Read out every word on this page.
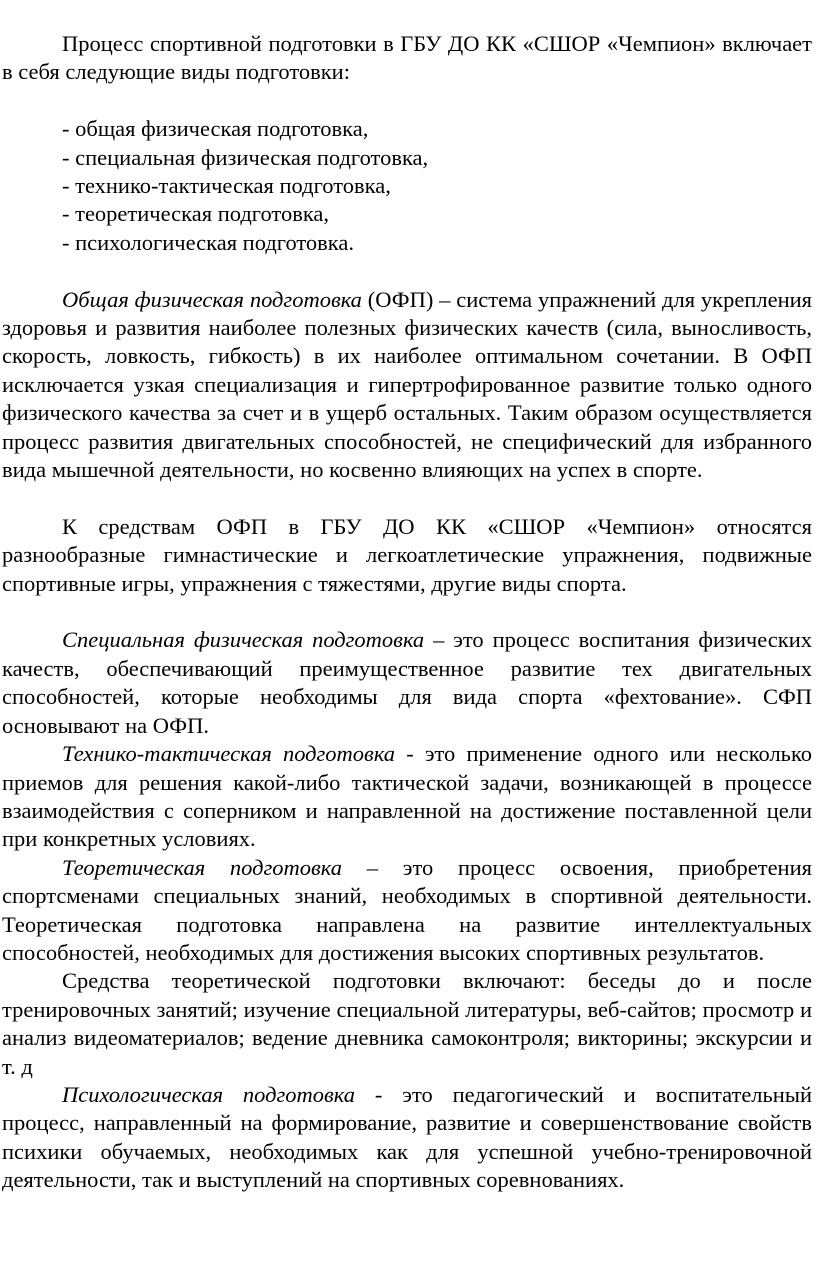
Процесс спортивной подготовки в ГБУ ДО КК «СШОР «Чемпион» включает в себя следующие виды подготовки:

- общая физическая подготовка,
- специальная физическая подготовка,
- технико-тактическая подготовка,
- теоретическая подготовка,
- психологическая подготовка.

Общая физическая подготовка (ОФП) – система упражнений для укрепления здоровья и развития наиболее полезных физических качеств (сила, выносливость, скорость, ловкость, гибкость) в их наиболее оптимальном сочетании. В ОФП исключается узкая специализация и гипертрофированное развитие только одного физического качества за счет и в ущерб остальных. Таким образом осуществляется процесс развития двигательных способностей, не специфический для избранного вида мышечной деятельности, но косвенно влияющих на успех в спорте.

К средствам ОФП в ГБУ ДО КК «СШОР «Чемпион» относятся разнообразные гимнастические и легкоатлетические упражнения, подвижные спортивные игры, упражнения с тяжестями, другие виды спорта.

Специальная физическая подготовка – это процесс воспитания физических качеств, обеспечивающий преимущественное развитие тех двигательных способностей, которые необходимы для вида спорта «фехтование». СФП основывают на ОФП.

Технико-тактическая подготовка - это применение одного или несколько приемов для решения какой-либо тактической задачи, возникающей в процессе взаимодействия с соперником и направленной на достижение поставленной цели при конкретных условиях.

Теоретическая подготовка – это процесс освоения, приобретения спортсменами специальных знаний, необходимых в спортивной деятельности. Теоретическая подготовка направлена на развитие интеллектуальных способностей, необходимых для достижения высоких спортивных результатов.

Средства теоретической подготовки включают: беседы до и после тренировочных занятий; изучение специальной литературы, веб-сайтов; просмотр и анализ видеоматериалов; ведение дневника самоконтроля; викторины; экскурсии и т. д

Психологическая подготовка - это педагогический и воспитательный процесс, направленный на формирование, развитие и совершенствование свойств психики обучаемых, необходимых как для успешной учебно-тренировочной деятельности, так и выступлений на спортивных соревнованиях.
